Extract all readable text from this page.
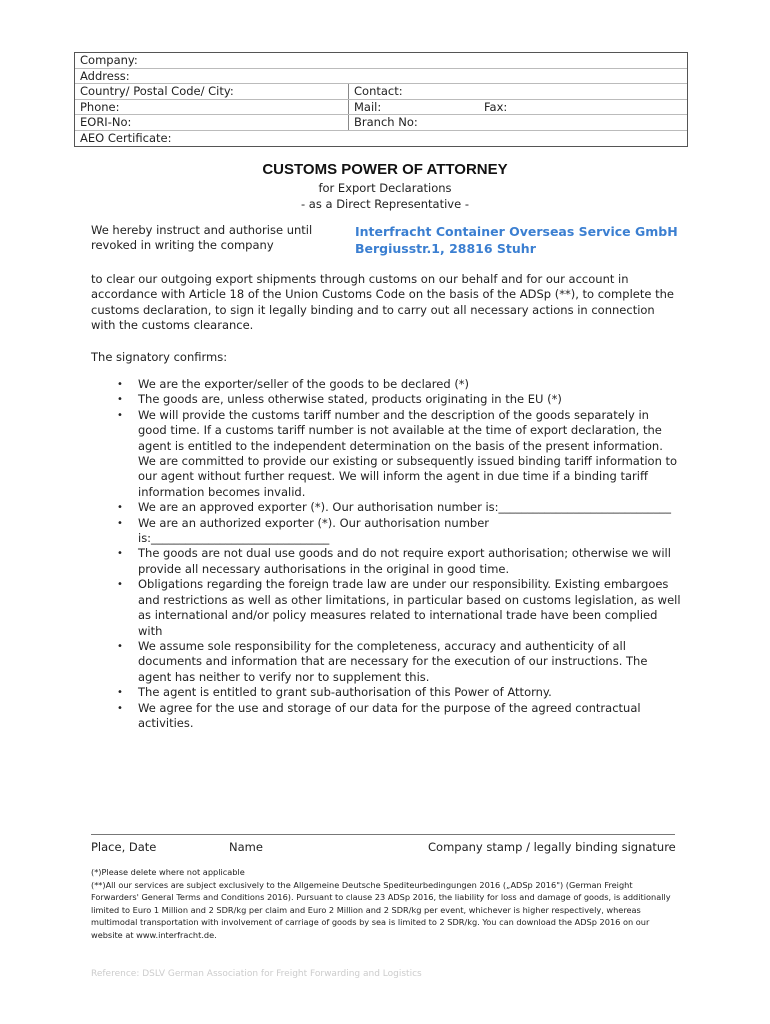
Company:
Address:
Country/ Postal Code/ City:	Contact:
Phone:	Mail:	Fax:
EORI-No:	Branch No:
AEO Certificate:
CUSTOMS POWER OF ATTORNEY
for Export Declarations
- as a Direct Representative -
We hereby instruct and authorise until revoked in writing the company
Interfracht Container Overseas Service GmbH
Bergiusstr.1, 28816 Stuhr
to clear our outgoing export shipments through customs on our behalf and for our account in accordance with Article 18 of the Union Customs Code on the basis of the ADSp (**), to complete the customs declaration, to sign it legally binding and to carry out all necessary actions in connection with the customs clearance.
The signatory confirms:
• We are the exporter/seller of the goods to be declared (*)
• The goods are, unless otherwise stated, products originating in the EU (*)
• We will provide the customs tariff number and the description of the goods separately in good time. If a customs tariff number is not available at the time of export declaration, the agent is entitled to the independent determination on the basis of the present information. We are committed to provide our existing or subsequently issued binding tariff information to our agent without further request. We will inform the agent in due time if a binding tariff information becomes invalid.
• We are an approved exporter (*). Our authorisation number is:______________________________
• We are an authorized exporter (*). Our authorisation number is:_______________________________
• The goods are not dual use goods and do not require export authorisation; otherwise we will provide all necessary authorisations in the original in good time.
• Obligations regarding the foreign trade law are under our responsibility. Existing embargoes and restrictions as well as other limitations, in particular based on customs legislation, as well as international and/or policy measures related to international trade have been complied with
• We assume sole responsibility for the completeness, accuracy and authenticity of all documents and information that are necessary for the execution of our instructions. The agent has neither to verify nor to supplement this.
• The agent is entitled to grant sub-authorisation of this Power of Attorny.
• We agree for the use and storage of our data for the purpose of the agreed contractual activities.
Place, Date	Name	Company stamp / legally binding signature
(*)Please delete where not applicable
(**)All our services are subject exclusively to the Allgemeine Deutsche Spediteurbedingungen 2016 („ADSp 2016") (German Freight Forwarders' General Terms and Conditions 2016). Pursuant to clause 23 ADSp 2016, the liability for loss and damage of goods, is additionally limited to Euro 1 Million and 2 SDR/kg per claim and Euro 2 Million and 2 SDR/kg per event, whichever is higher respectively, whereas multimodal transportation with involvement of carriage of goods by sea is limited to 2 SDR/kg. You can download the ADSp 2016 on our website at www.interfracht.de.
Reference: DSLV German Association for Freight Forwarding and Logistics
